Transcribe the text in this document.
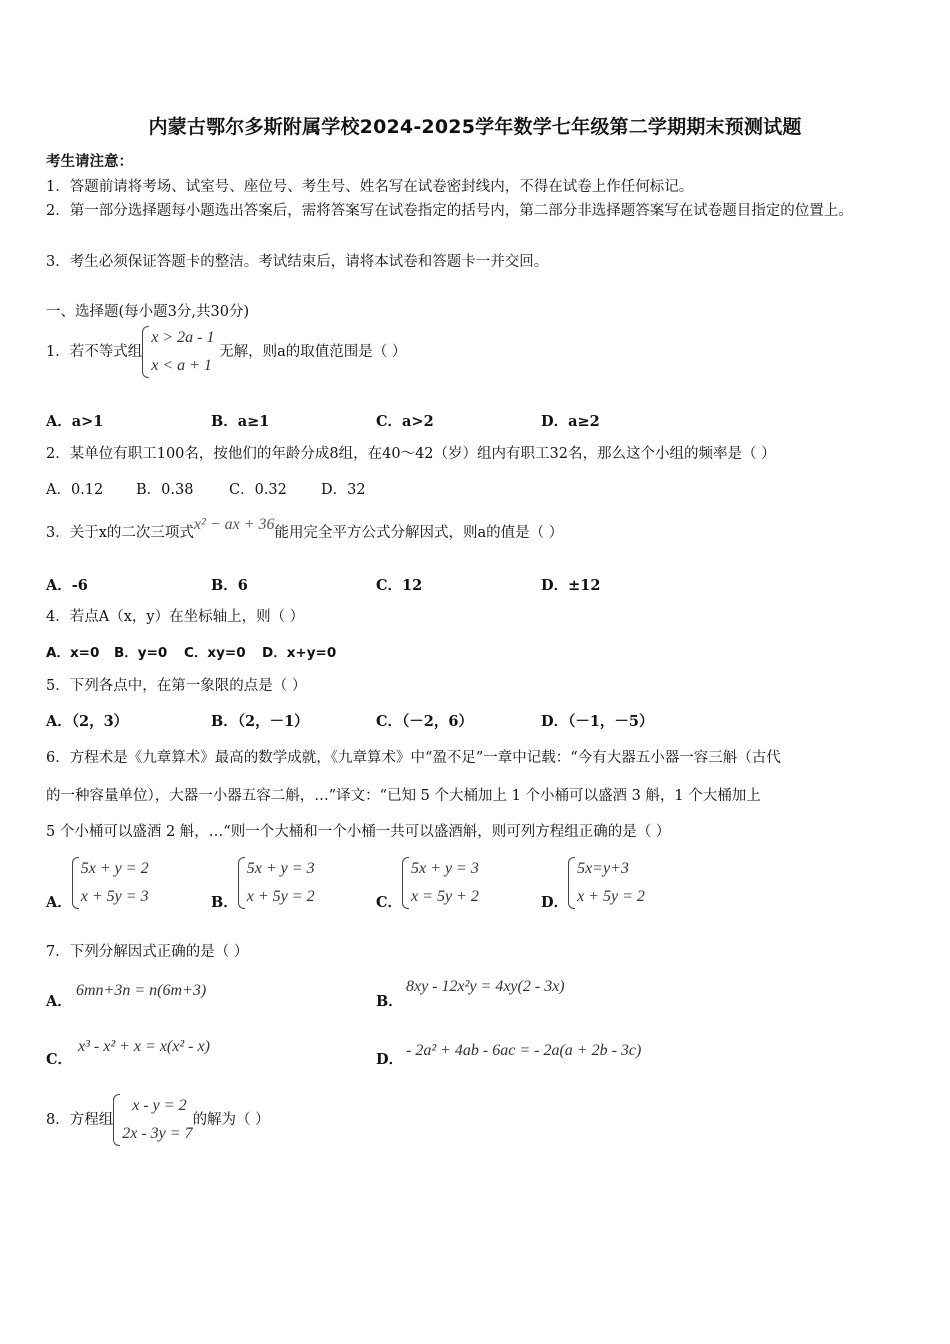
内蒙古鄂尔多斯附属学校2024-2025学年数学七年级第二学期期末预测试题
考生请注意：
1．答题前请将考场、试室号、座位号、考生号、姓名写在试卷密封线内，不得在试卷上作任何标记。
2．第一部分选择题每小题选出答案后，需将答案写在试卷指定的括号内，第二部分非选择题答案写在试卷题目指定的位置上。
3．考生必须保证答题卡的整洁。考试结束后，请将本试卷和答题卡一并交回。
一、选择题(每小题3分,共30分)
1．若不等式组
x > 2a - 1
x < a + 1
无解，则a的取值范围是（ ）
A．a>1	B．a≥1	C．a>2	D．a≥2
2．某单位有职工100名，按他们的年龄分成8组，在40～42（岁）组内有职工32名，那么这个小组的频率是（ ）
A．0.12 B．0.38 C．0.32 D．32
3．关于x的二次三项式x² − ax + 36能用完全平方公式分解因式，则a的值是（ ）
A．-6	B．6	C．12	D．±12
4．若点A（x，y）在坐标轴上，则（ ）
A．x=0 B．y=0 C．xy=0 D．x+y=0
5．下列各点中，在第一象限的点是（ ）
A．（2，3）	B．（2，－1）	C．（－2，6）	D．（－1，－5）
6．方程术是《九章算术》最高的数学成就，《九章算术》中“盈不足”一章中记载：“今有大器五小器一容三斛（古代
的一种容量单位），大器一小器五容二斛，…”译文：“已知 5 个大桶加上 1 个小桶可以盛酒 3 斛，1 个大桶加上
5 个小桶可以盛酒 2 斛，…“则一个大桶和一个小桶一共可以盛酒斛，则可列方程组正确的是（ ）
A．
5x + y = 2
x + 5y = 3	B．
5x + y = 3
x + 5y = 2	C．
5x + y = 3
x = 5y + 2	D．
5x=y+3
x + 5y = 2
7．下列分解因式正确的是（ ）
A．
6mn+3n = n(6m+3)
B．
8xy - 12x²y = 4xy(2 - 3x)
C．
x³ - x² + x = x(x² - x)
D．
- 2a² + 4ab - 6ac = - 2a(a + 2b - 3c)
8．方程组
x - y = 2
2x - 3y = 7
的解为（ ）
